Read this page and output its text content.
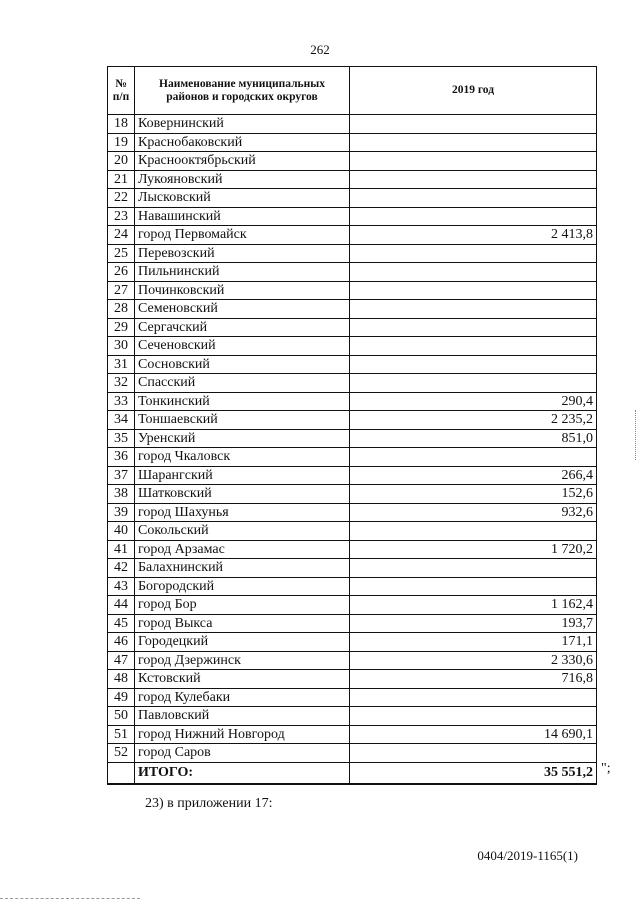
262
№ п/п	Наименование муниципальных районов и городских округов	2019 год
18	Ковернинский	
19	Краснобаковский	
20	Краснооктябрьский	
21	Лукояновский	
22	Лысковский	
23	Навашинский	
24	город Первомайск	2 413,8
25	Перевозский	
26	Пильнинский	
27	Починковский	
28	Семеновский	
29	Сергачский	
30	Сеченовский	
31	Сосновский	
32	Спасский	
33	Тонкинский	290,4
34	Тоншаевский	2 235,2
35	Уренский	851,0
36	город Чкаловск	
37	Шарангский	266,4
38	Шатковский	152,6
39	город Шахунья	932,6
40	Сокольский	
41	город Арзамас	1 720,2
42	Балахнинский	
43	Богородский	
44	город Бор	1 162,4
45	город Выкса	193,7
46	Городецкий	171,1
47	город Дзержинск	2 330,6
48	Кстовский	716,8
49	город Кулебаки	
50	Павловский	
51	город Нижний Новгород	14 690,1
52	город Саров	
	ИТОГО:	35 551,2 ";
23) в приложении 17:
0404/2019-1165(1)
